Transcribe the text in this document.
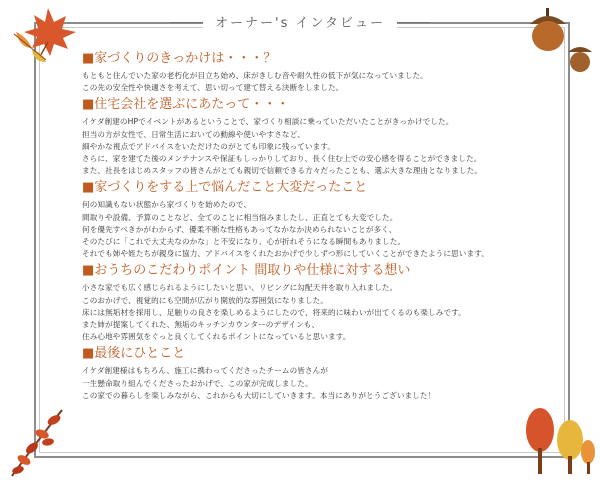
オーナー's インタビュー
■家づくりのきっかけは・・・？
もともと住んでいた家の老朽化が目立ち始め、床がきしむ音や耐久性の低下が気になっていました。
この先の安全性や快適さを考えて、思い切って建て替える決断をしました。
■住宅会社を選ぶにあたって・・・
イケダ創建のHPでイベントがあるということで、家づくり相談に乗っていただいたことがきっかけでした。
担当の方が女性で、日常生活においての動線や使いやすさなど、
細やかな視点でアドバイスをいただけたのがとても印象に残っています。
さらに、家を建てた後のメンテナンスや保証もしっかりしており、長く住む上での安心感を得ることができました。
また、社長をはじめスタッフの皆さんがとても親切で信頼できる方々だったことも、選ぶ大きな理由となりました。
■家づくりをする上で悩んだこと大変だったこと
何の知識もない状態から家づくりを始めたので、
間取りや設備、予算のことなど、全てのことに相当悩みましたし、正直とても大変でした。
何を優先すべきかがわからず、優柔不断な性格もあってなかなか決められないことが多く、
そのたびに「これで大丈夫なのかな」と不安になり、心が折れそうになる瞬間もありました。
それでも姉や姪たちが親身に協力、アドバイスをくれたおかげで少しずつ形にしていくことができたように思います。
■おうちのこだわりポイント 間取りや仕様に対する想い
小さな家でも広く感じられるようにしたいと思い、リビングに勾配天井を取り入れました。
このおかげで、視覚的にも空間が広がり開放的な雰囲気になりました。
床には無垢材を採用し、足触りの良さを楽しめるようにしたので、将来的に味わいが出てくるのも楽しみです。
また姉が提案してくれた、無垢のキッチンカウンターのデザインも、
住み心地や雰囲気をぐっと良くしてくれるポイントになっていると思います。
■最後にひとこと
イケダ創建様はもちろん、施工に携わってくださったチームの皆さんが
一生懸命取り組んでくださったおかげで、この家が完成しました。
この家での暮らしを楽しみながら、これからも大切にしていきます。本当にありがとうございました！
